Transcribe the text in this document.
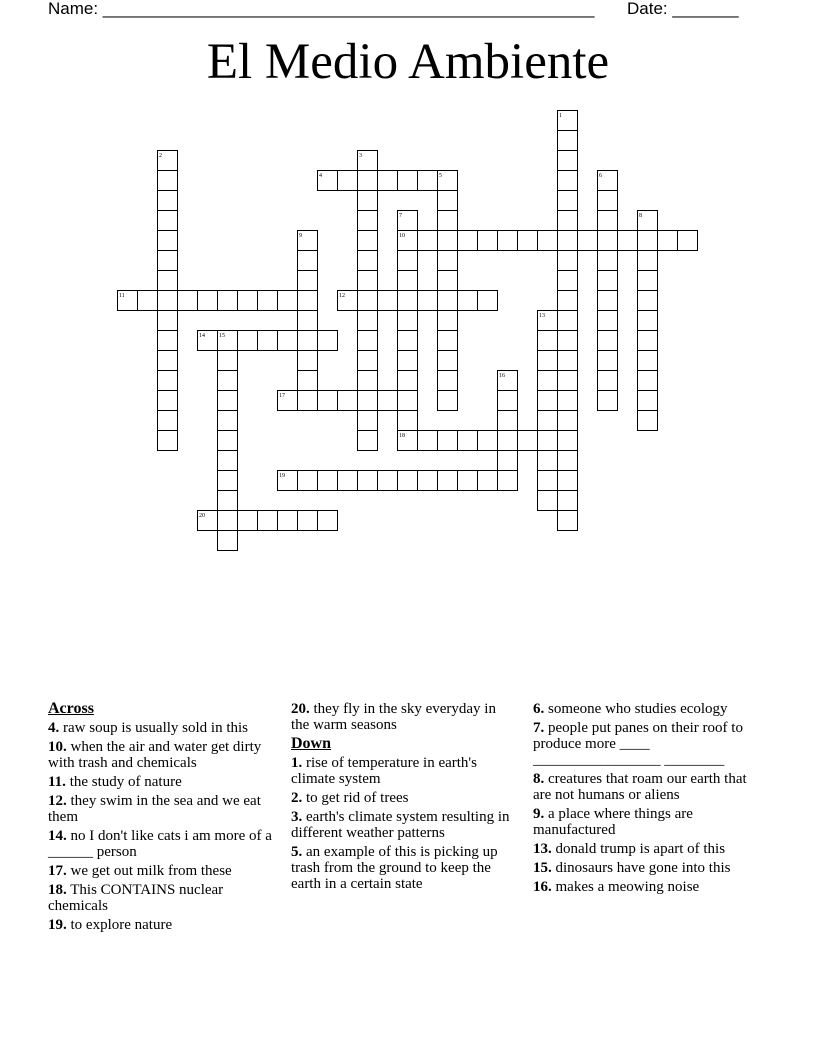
Name: ____________________________________________________ Date: _______
El Medio Ambiente
1
2	3
4	5	6
7	8
9	10
11	12
13
14 15
16
17
18
19
20
Across
4. raw soup is usually sold in this
10. when the air and water get dirty with trash and chemicals
11. the study of nature
12. they swim in the sea and we eat them
14. no I don't like cats i am more of a ______ person
17. we get out milk from these
18. This CONTAINS nuclear chemicals
19. to explore nature
20. they fly in the sky everyday in the warm seasons
Down
1. rise of temperature in earth's climate system
2. to get rid of trees
3. earth's climate system resulting in different weather patterns
5. an example of this is picking up trash from the ground to keep the earth in a certain state
6. someone who studies ecology
7. people put panes on their roof to produce more ____ _________________ ________
8. creatures that roam our earth that are not humans or aliens
9. a place where things are manufactured
13. donald trump is apart of this
15. dinosaurs have gone into this
16. makes a meowing noise
